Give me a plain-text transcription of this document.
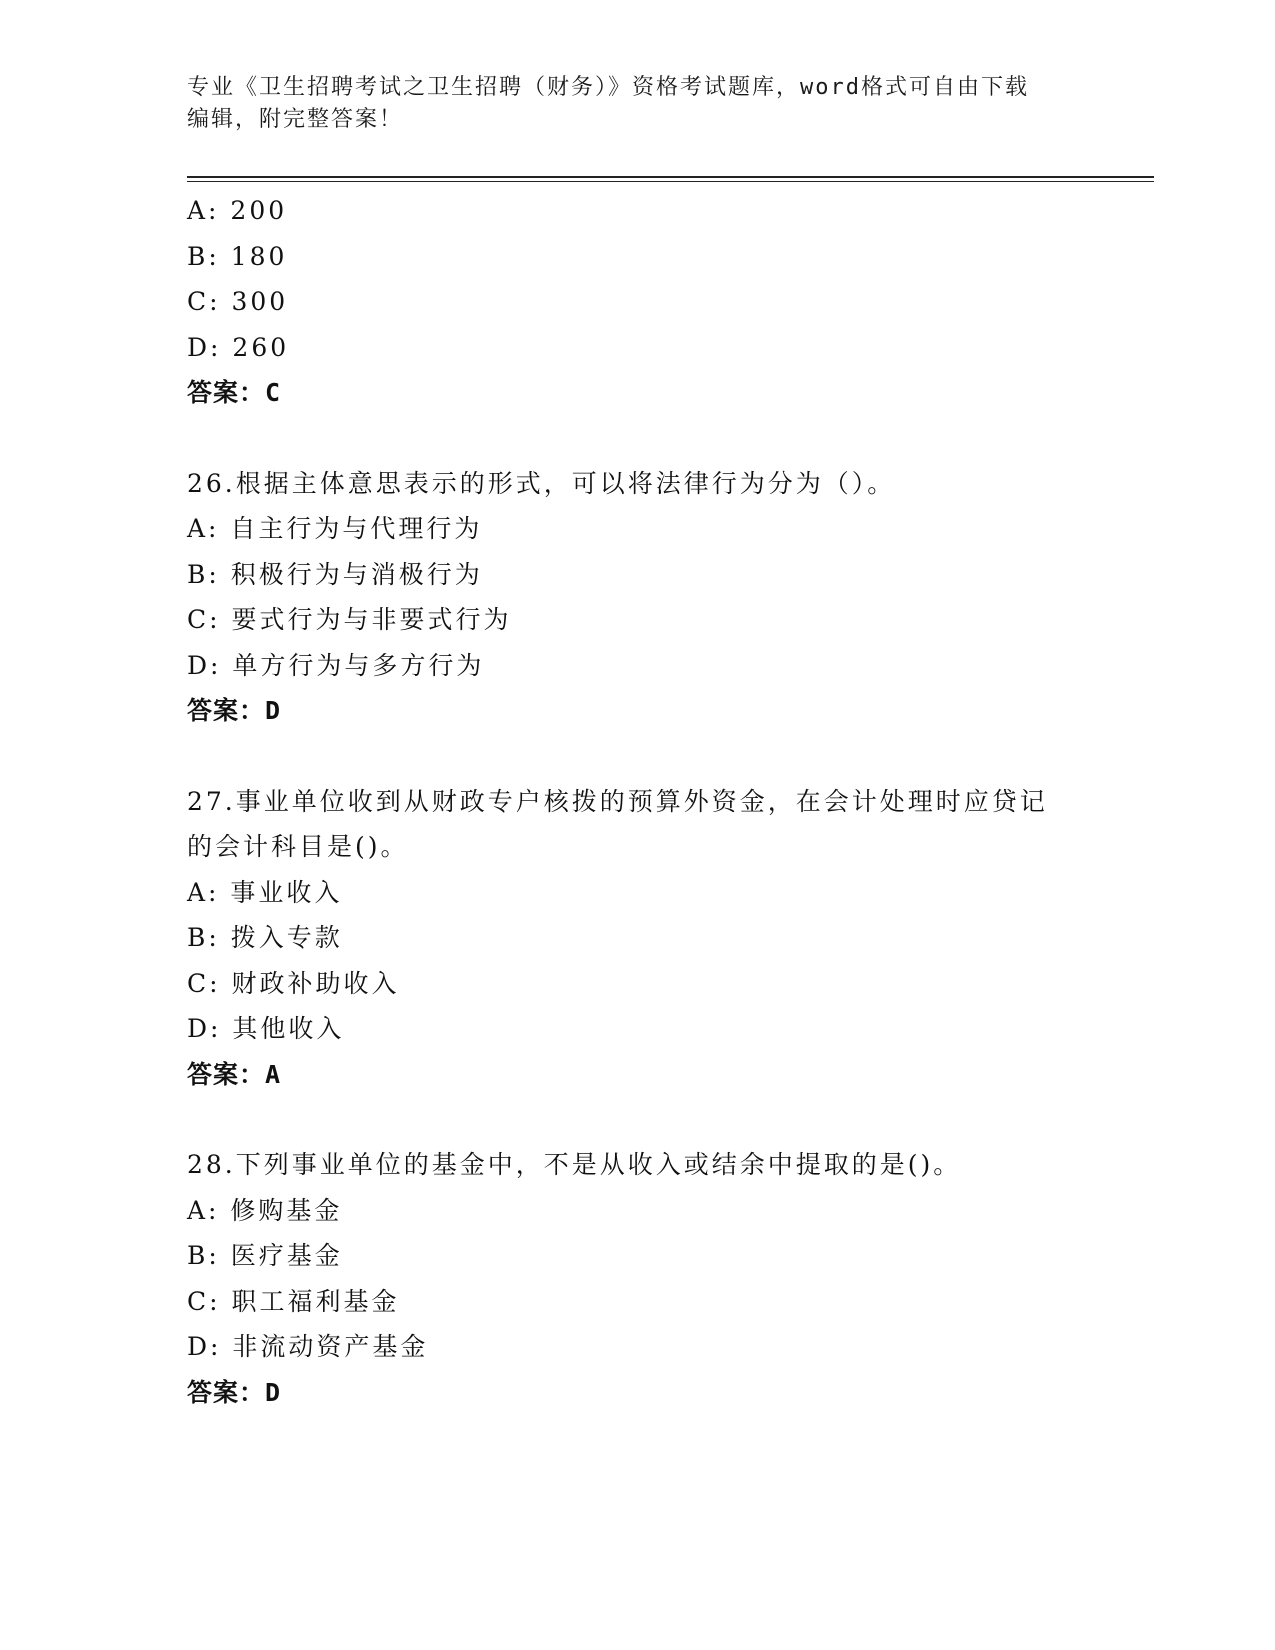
专业《卫生招聘考试之卫生招聘（财务）》资格考试题库，word格式可自由下载
编辑，附完整答案！
A: 200
B: 180
C: 300
D: 260
答案：C
26.根据主体意思表示的形式，可以将法律行为分为（）。
A: 自主行为与代理行为
B: 积极行为与消极行为
C: 要式行为与非要式行为
D: 单方行为与多方行为
答案：D
27.事业单位收到从财政专户核拨的预算外资金，在会计处理时应贷记
的会计科目是()。
A: 事业收入
B: 拨入专款
C: 财政补助收入
D: 其他收入
答案：A
28.下列事业单位的基金中，不是从收入或结余中提取的是()。
A: 修购基金
B: 医疗基金
C: 职工福利基金
D: 非流动资产基金
答案：D
